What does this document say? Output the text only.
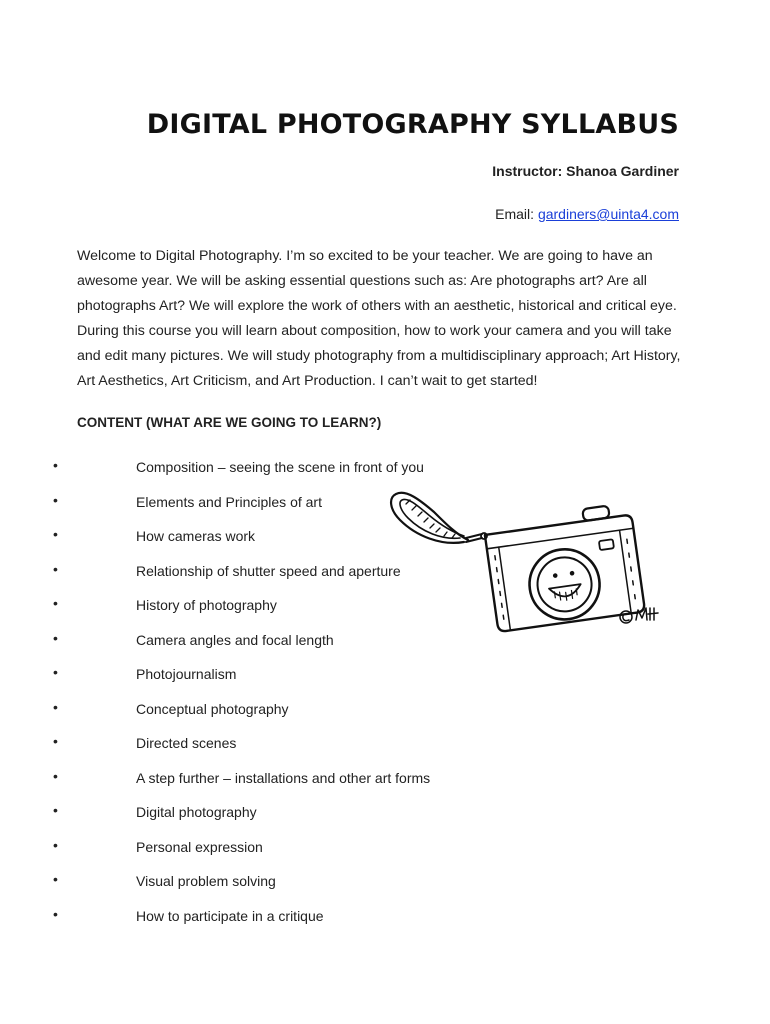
DIGITAL PHOTOGRAPHY SYLLABUS
Instructor: Shanoa Gardiner
Email: gardiners@uinta4.com

Welcome to Digital Photography. I’m so excited to be your teacher. We are going to have an awesome year. We will be asking essential questions such as: Are photographs art? Are all photographs Art? We will explore the work of others with an aesthetic, historical and critical eye. During this course you will learn about composition, how to work your camera and you will take and edit many pictures. We will study photography from a multidisciplinary approach; Art History, Art Aesthetics, Art Criticism, and Art Production. I can’t wait to get started!

CONTENT (WHAT ARE WE GOING TO LEARN?)
•	Composition – seeing the scene in front of you
•	Elements and Principles of art
•	How cameras work
•	Relationship of shutter speed and aperture
•	History of photography
•	Camera angles and focal length
•	Photojournalism
•	Conceptual photography
•	Directed scenes
•	A step further – installations and other art forms
•	Digital photography
•	Personal expression
•	Visual problem solving
•	How to participate in a critique
